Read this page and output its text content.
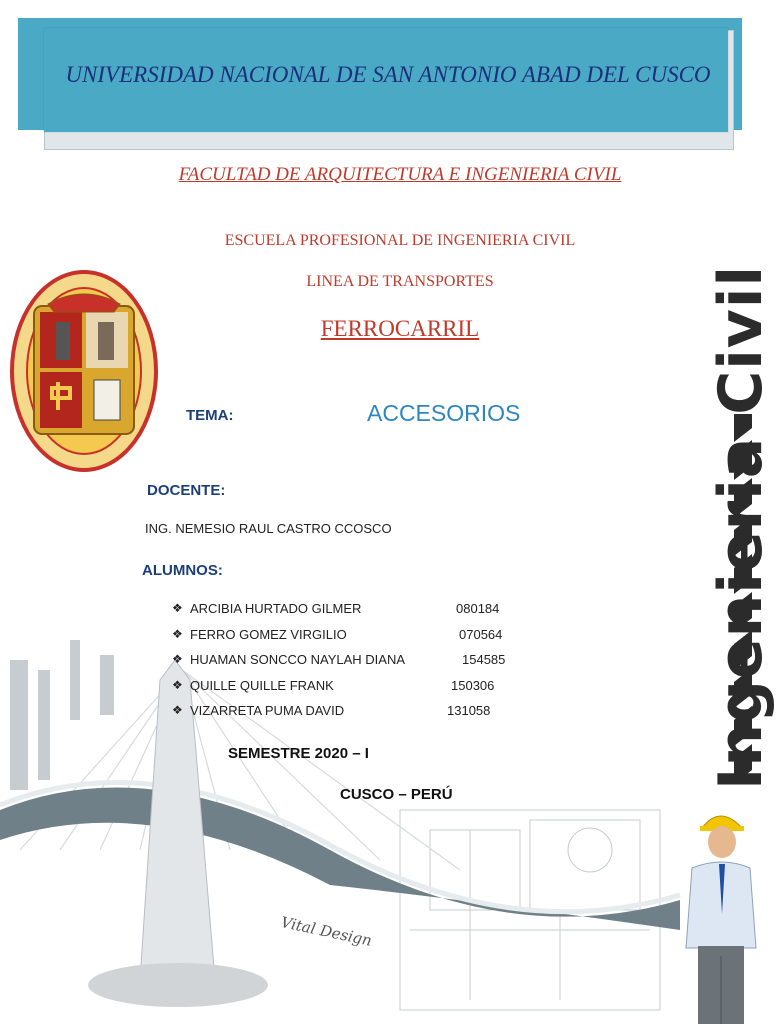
UNIVERSIDAD NACIONAL DE SAN ANTONIO ABAD DEL CUSCO
FACULTAD DE ARQUITECTURA E INGENIERIA CIVIL
ESCUELA PROFESIONAL DE INGENIERIA CIVIL
LINEA DE TRANSPORTES
FERROCARRIL
TEMA:	ACCESORIOS
DOCENTE:
ING. NEMESIO RAUL CASTRO CCOSCO
ALUMNOS:
Vital Design
Ingenieria Civil
❖ ARCIBIA HURTADO GILMER	080184
❖ FERRO GOMEZ VIRGILIO	070564
❖ HUAMAN SONCCO NAYLAH DIANA	154585
❖ QUILLE QUILLE FRANK	150306
❖ VIZARRETA PUMA DAVID	131058
SEMESTRE 2020 – I
CUSCO – PERÚ
